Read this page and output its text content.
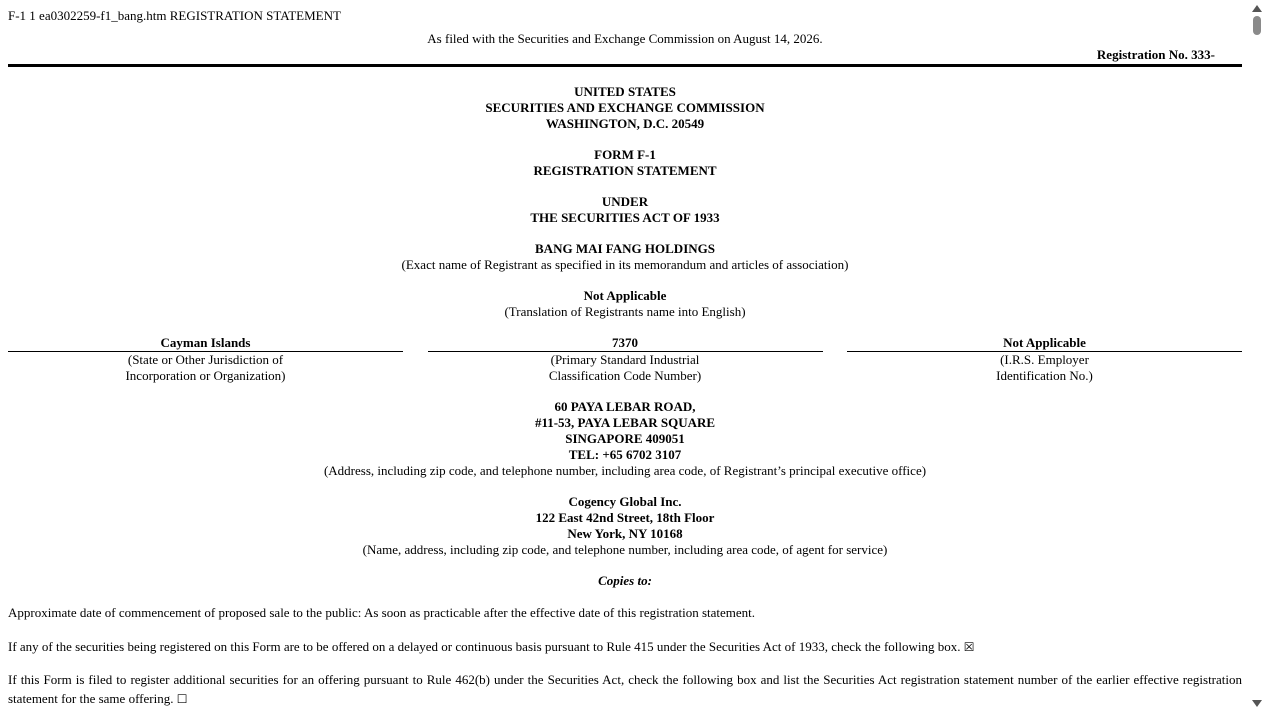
F-1 1 ea0302259-f1_bang.htm REGISTRATION STATEMENT
As filed with the Securities and Exchange Commission on August 14, 2026.
Registration No. 333-
UNITED STATES
SECURITIES AND EXCHANGE COMMISSION
WASHINGTON, D.C. 20549
FORM F-1
REGISTRATION STATEMENT
UNDER
THE SECURITIES ACT OF 1933
BANG MAI FANG HOLDINGS
(Exact name of Registrant as specified in its memorandum and articles of association)
Not Applicable
(Translation of Registrants name into English)
Cayman Islands
(State or Other Jurisdiction of
Incorporation or Organization)
7370
(Primary Standard Industrial
Classification Code Number)
Not Applicable
(I.R.S. Employer
Identification No.)
60 PAYA LEBAR ROAD,
#11-53, PAYA LEBAR SQUARE
SINGAPORE 409051
TEL: +65 6702 3107
(Address, including zip code, and telephone number, including area code, of Registrant’s principal executive office)
Cogency Global Inc.
122 East 42nd Street, 18th Floor
New York, NY 10168
(Name, address, including zip code, and telephone number, including area code, of agent for service)
Copies to:

Approximate date of commencement of proposed sale to the public: As soon as practicable after the effective date of this registration statement.

If any of the securities being registered on this Form are to be offered on a delayed or continuous basis pursuant to Rule 415 under the Securities Act of 1933, check the following box. ☒

If this Form is filed to register additional securities for an offering pursuant to Rule 462(b) under the Securities Act, check the following box and list the Securities Act registration statement number of the earlier effective registration statement for the same offering. ☐
